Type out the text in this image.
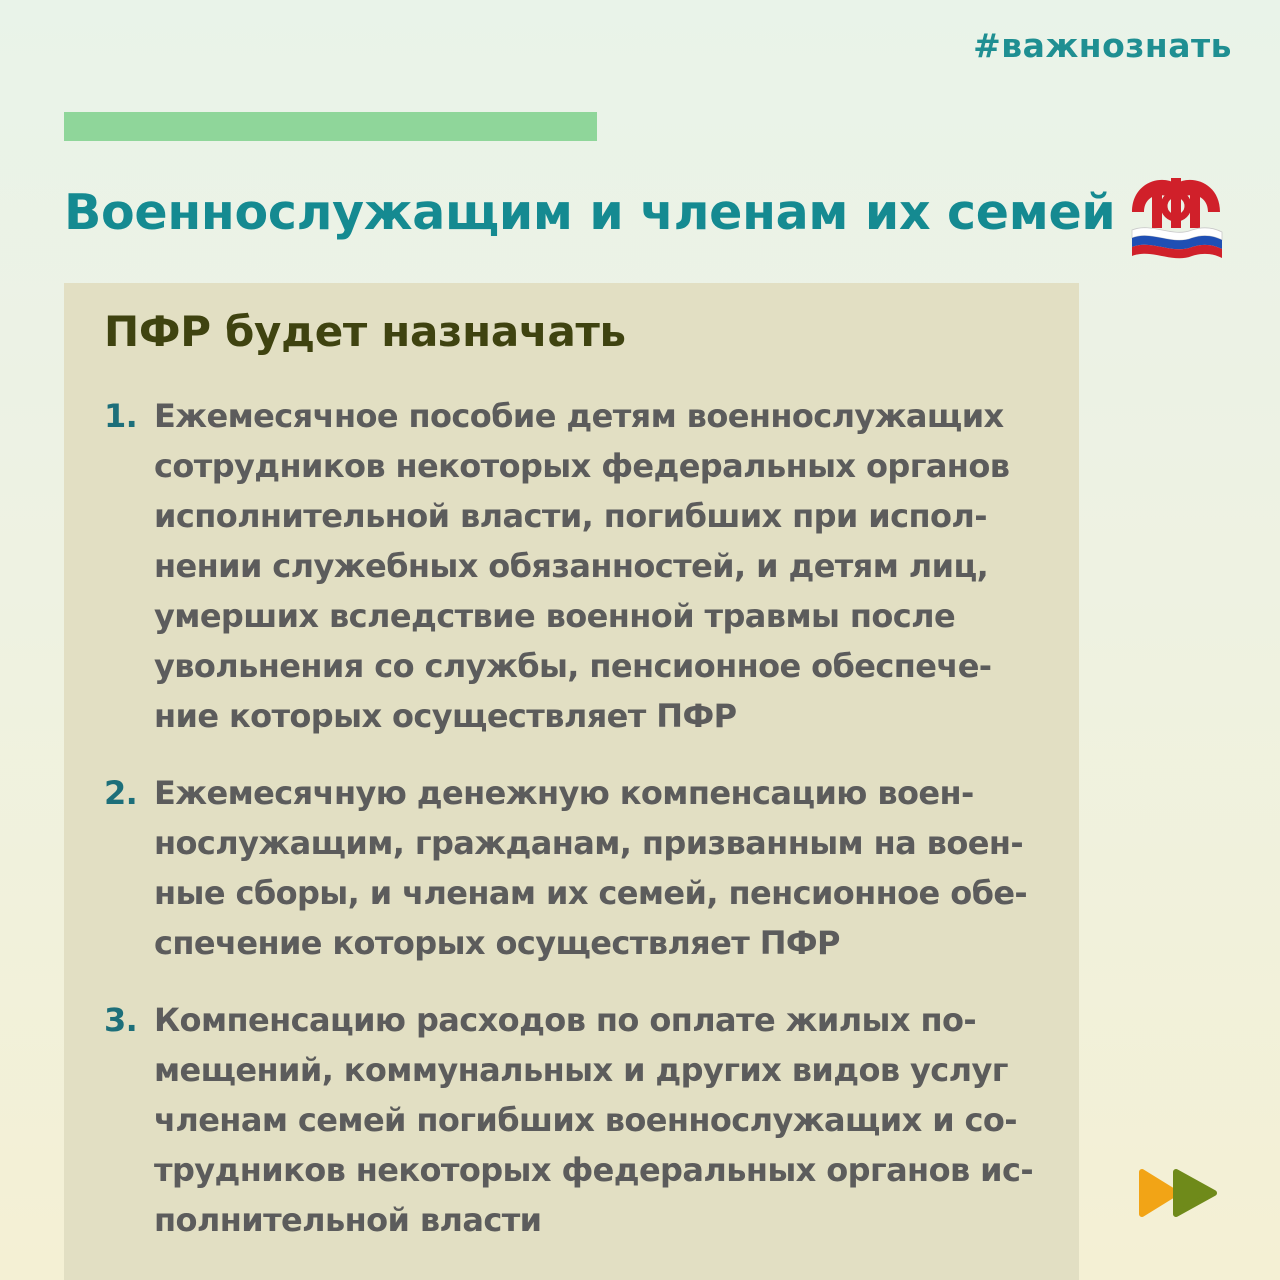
#важнознать
Военнослужащим и членам их семей
ПФР будет назначать
1. Ежемесячное пособие детям военнослужащих
сотрудников некоторых федеральных органов
исполнительной власти, погибших при испол-
нении служебных обязанностей, и детям лиц,
умерших вследствие военной травмы после
увольнения со службы, пенсионное обеспече-
ние которых осуществляет ПФР
2. Ежемесячную денежную компенсацию воен-
нослужащим, гражданам, призванным на воен-
ные сборы, и членам их семей, пенсионное обе-
спечение которых осуществляет ПФР
3. Компенсацию расходов по оплате жилых по-
мещений, коммунальных и других видов услуг
членам семей погибших военнослужащих и со-
трудников некоторых федеральных органов ис-
полнительной власти
